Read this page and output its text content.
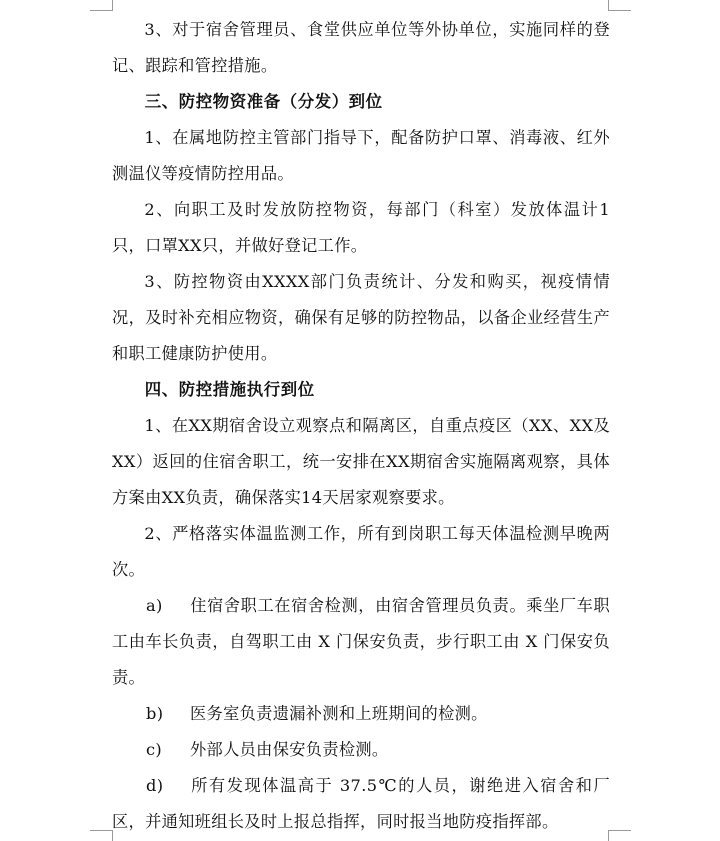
3、对于宿舍管理员、食堂供应单位等外协单位，实施同样的登记、跟踪和管控措施。

三、防控物资准备（分发）到位

1、在属地防控主管部门指导下，配备防护口罩、消毒液、红外测温仪等疫情防控用品。

2、向职工及时发放防控物资，每部门（科室）发放体温计1只，口罩XX只，并做好登记工作。

3、防控物资由XXXX部门负责统计、分发和购买，视疫情情况，及时补充相应物资，确保有足够的防控物品，以备企业经营生产和职工健康防护使用。

四、防控措施执行到位

1、在XX期宿舍设立观察点和隔离区，自重点疫区（XX、XX及XX）返回的住宿舍职工，统一安排在XX期宿舍实施隔离观察，具体方案由XX负责，确保落实14天居家观察要求。

2、严格落实体温监测工作，所有到岗职工每天体温检测早晚两次。

a) 住宿舍职工在宿舍检测，由宿舍管理员负责。乘坐厂车职工由车长负责，自驾职工由 X 门保安负责，步行职工由 X 门保安负责。

b) 医务室负责遗漏补测和上班期间的检测。

c) 外部人员由保安负责检测。

d) 所有发现体温高于 37.5℃的人员，谢绝进入宿舍和厂区，并通知班组长及时上报总指挥，同时报当地防疫指挥部。
